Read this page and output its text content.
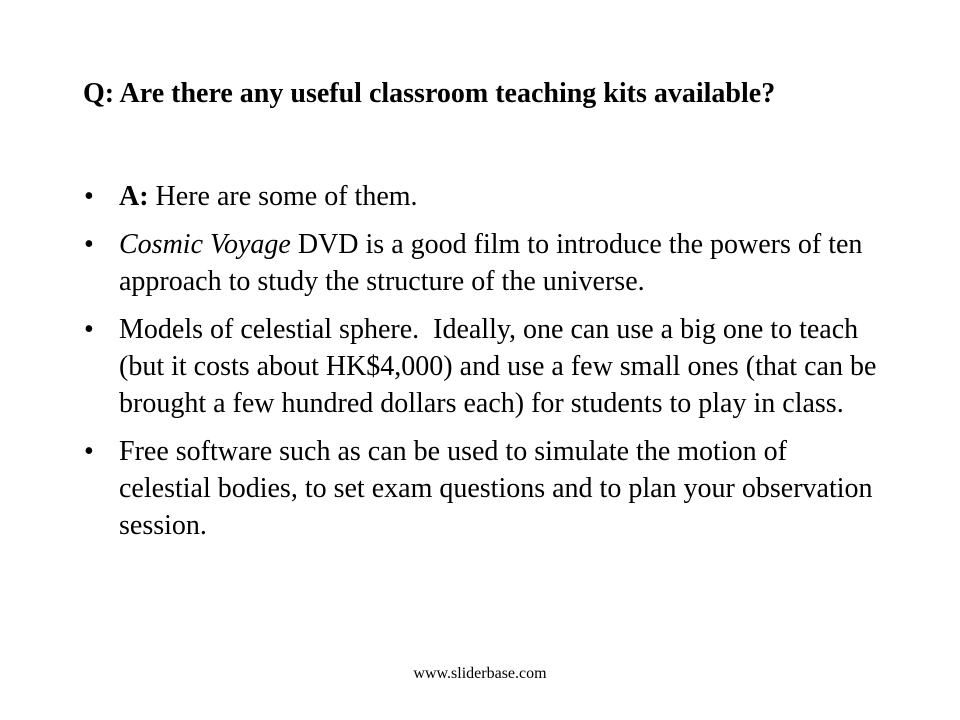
Q: Are there any useful classroom teaching kits available?
• A: Here are some of them.
• Cosmic Voyage DVD is a good film to introduce the powers of ten approach to study the structure of the universe.
• Models of celestial sphere.  Ideally, one can use a big one to teach (but it costs about HK$4,000) and use a few small ones (that can be brought a few hundred dollars each) for students to play in class.
• Free software such as can be used to simulate the motion of celestial bodies, to set exam questions and to plan your observation session.
www.sliderbase.com
